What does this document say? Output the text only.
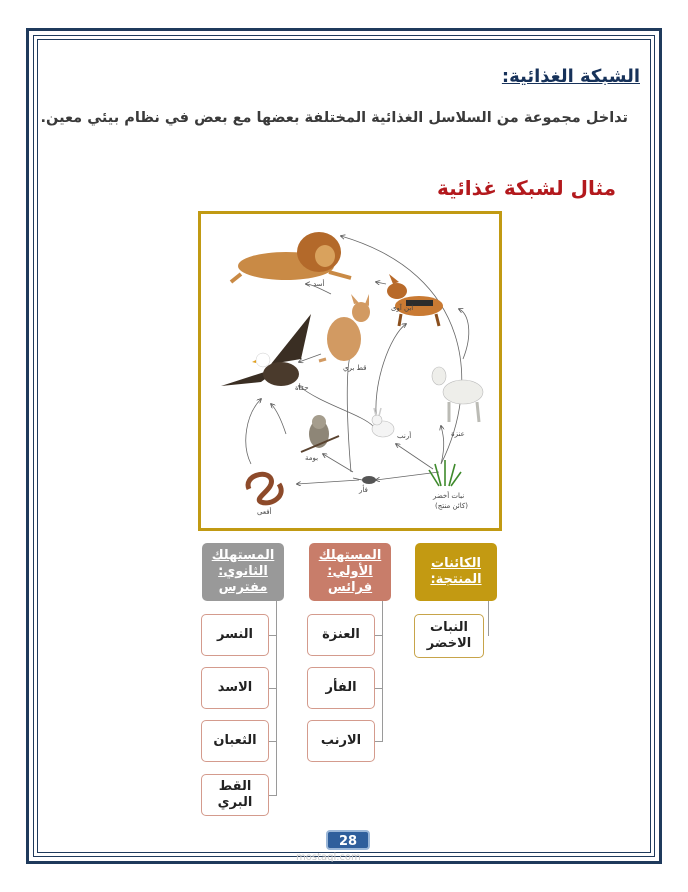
الشبكة الغذائية:
تداخل مجموعة من السلاسل الغذائية المختلفة بعضها مع بعض في نظام بيئي معين.
مثال لشبكة غذائية
أسد
ابن آوى
قط بري
حدأة
عنزة
أرنب
بومة
فأر
أفعى
نبات أخضر
(كائن منتج)
الكائنات المنتجة:
المستهلك الأولي: فرائس
المستهلك الثانوي: مفترس
النبات الاخضر
العنزة
الفأر
الارنب
النسر
الاسد
الثعبان
القط البري
28
mostaql.com
